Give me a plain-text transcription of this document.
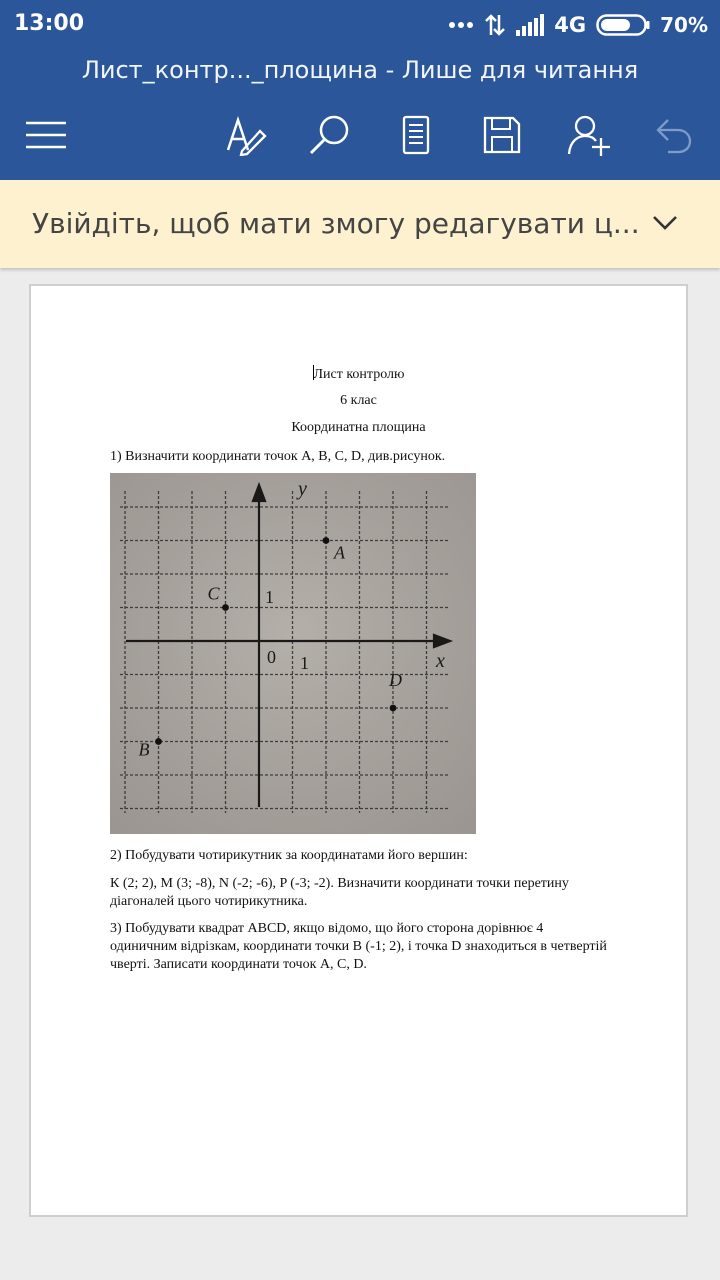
13:00	4G	70%
Лист_контр..._площина - Лише для читання
Увійдіть, щоб мати змогу редагувати ц...
Лист контролю
6 клас
Координатна площина
1) Визначити координати точок А, В, С, D, див.рисунок.
x
y
0 1
1
A
C
D
B
2) Побудувати чотирикутник за координатами його вершин:
К (2; 2), M (3; -8), N (-2; -6), P (-3; -2). Визначити координати точки перетину діагоналей цього чотирикутника.
3) Побудувати квадрат ABCD, якщо відомо, що його сторона дорівнює 4 одиничним відрізкам, координати точки В (-1; 2), і точка D знаходиться в четвертій чверті. Записати координати точок А, С, D.
